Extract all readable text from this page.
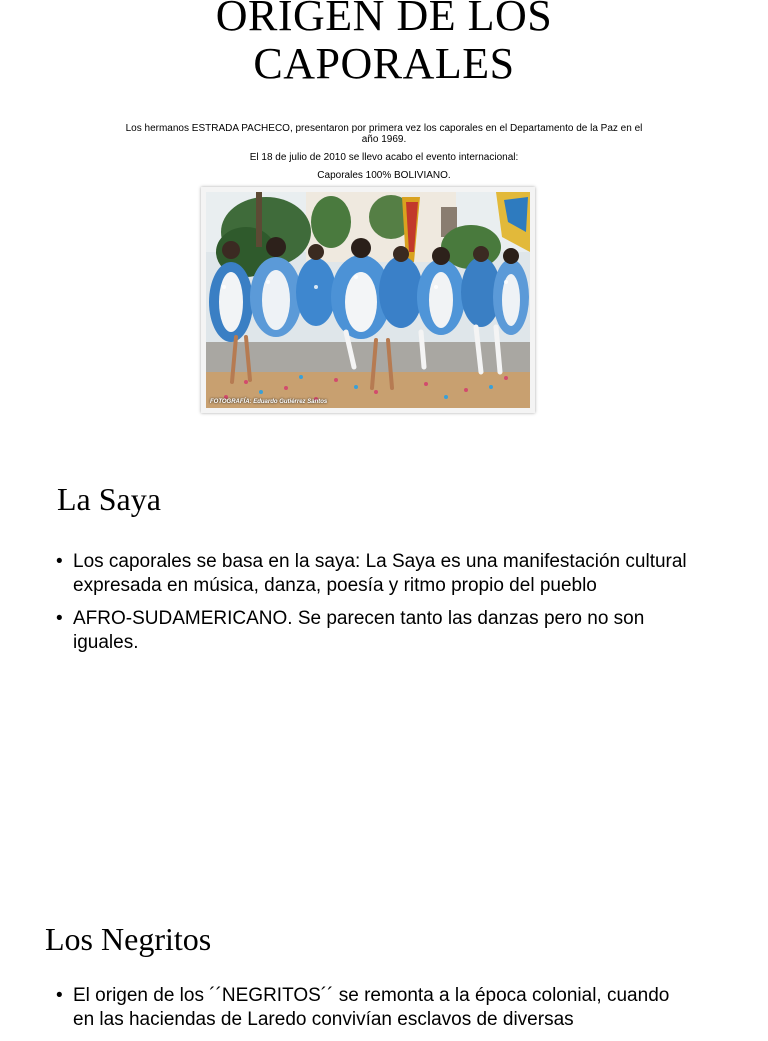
ORIGEN DE LOS
CAPORALES
Los hermanos ESTRADA PACHECO, presentaron por primera vez los caporales en el Departamento de la Paz en el
año 1969.
El 18 de julio de 2010 se llevo acabo el evento internacional:
Caporales 100% BOLIVIANO.
FOTOGRAFÍA: Eduardo Gutiérrez Santos
La Saya
• Los caporales se basa en la saya: La Saya es una manifestación cultural
expresada en música, danza, poesía y ritmo propio del pueblo
• AFRO-SUDAMERICANO. Se parecen tanto las danzas pero no son
iguales.
Los Negritos
• El origen de los ´´NEGRITOS´´ se remonta a la época colonial, cuando
en las haciendas de Laredo convivían esclavos de diversas
